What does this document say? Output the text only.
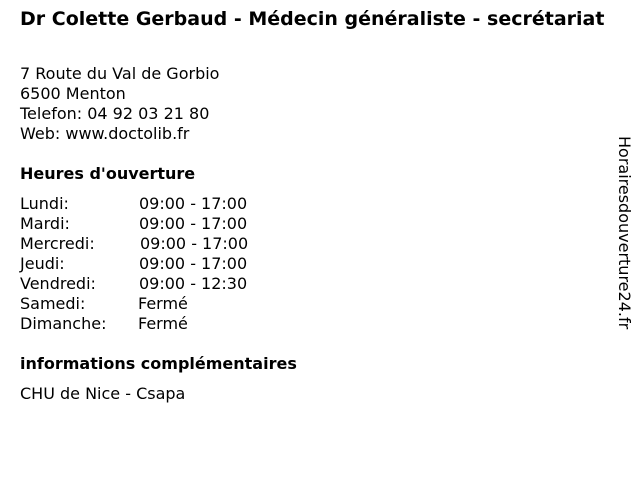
Dr Colette Gerbaud - Médecin généraliste - secrétariat
7 Route du Val de Gorbio
6500 Menton
Telefon: 04 92 03 21 80
Web: www.doctolib.fr
Heures d'ouverture
Lundi:	09:00 - 17:00
Mardi:	09:00 - 17:00
Mercredi:	09:00 - 17:00
Jeudi:	09:00 - 17:00
Vendredi:	09:00 - 12:30
Samedi:	Fermé
Dimanche:	Fermé
informations complémentaires
CHU de Nice - Csapa
Horairesdouverture24.fr
